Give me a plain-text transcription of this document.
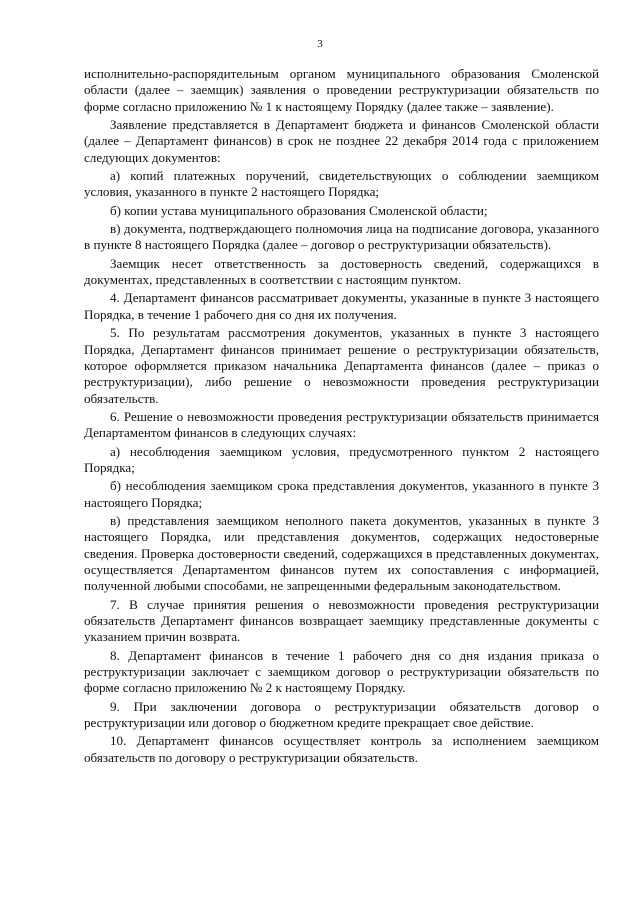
3

исполнительно-распорядительным органом муниципального образования Смоленской области (далее – заемщик) заявления о проведении реструктуризации обязательств по форме согласно приложению № 1 к настоящему Порядку (далее также – заявление).

Заявление представляется в Департамент бюджета и финансов Смоленской области (далее – Департамент финансов) в срок не позднее 22 декабря 2014 года с приложением следующих документов:

а) копий платежных поручений, свидетельствующих о соблюдении заемщиком условия, указанного в пункте 2 настоящего Порядка;

б) копии устава муниципального образования Смоленской области;

в) документа, подтверждающего полномочия лица на подписание договора, указанного в пункте 8 настоящего Порядка (далее – договор о реструктуризации обязательств).

Заемщик несет ответственность за достоверность сведений, содержащихся в документах, представленных в соответствии с настоящим пунктом.

4. Департамент финансов рассматривает документы, указанные в пункте 3 настоящего Порядка, в течение 1 рабочего дня со дня их получения.

5. По результатам рассмотрения документов, указанных в пункте 3 настоящего Порядка, Департамент финансов принимает решение о реструктуризации обязательств, которое оформляется приказом начальника Департамента финансов (далее – приказ о реструктуризации), либо решение о невозможности проведения реструктуризации обязательств.

6. Решение о невозможности проведения реструктуризации обязательств принимается Департаментом финансов в следующих случаях:

а) несоблюдения заемщиком условия, предусмотренного пунктом 2 настоящего Порядка;

б) несоблюдения заемщиком срока представления документов, указанного в пункте 3 настоящего Порядка;

в) представления заемщиком неполного пакета документов, указанных в пункте 3 настоящего Порядка, или представления документов, содержащих недостоверные сведения. Проверка достоверности сведений, содержащихся в представленных документах, осуществляется Департаментом финансов путем их сопоставления с информацией, полученной любыми способами, не запрещенными федеральным законодательством.

7. В случае принятия решения о невозможности проведения реструктуризации обязательств Департамент финансов возвращает заемщику представленные документы с указанием причин возврата.

8. Департамент финансов в течение 1 рабочего дня со дня издания приказа о реструктуризации заключает с заемщиком договор о реструктуризации обязательств по форме согласно приложению № 2 к настоящему Порядку.

9. При заключении договора о реструктуризации обязательств договор о реструктуризации или договор о бюджетном кредите прекращает свое действие.

10. Департамент финансов осуществляет контроль за исполнением заемщиком обязательств по договору о реструктуризации обязательств.
